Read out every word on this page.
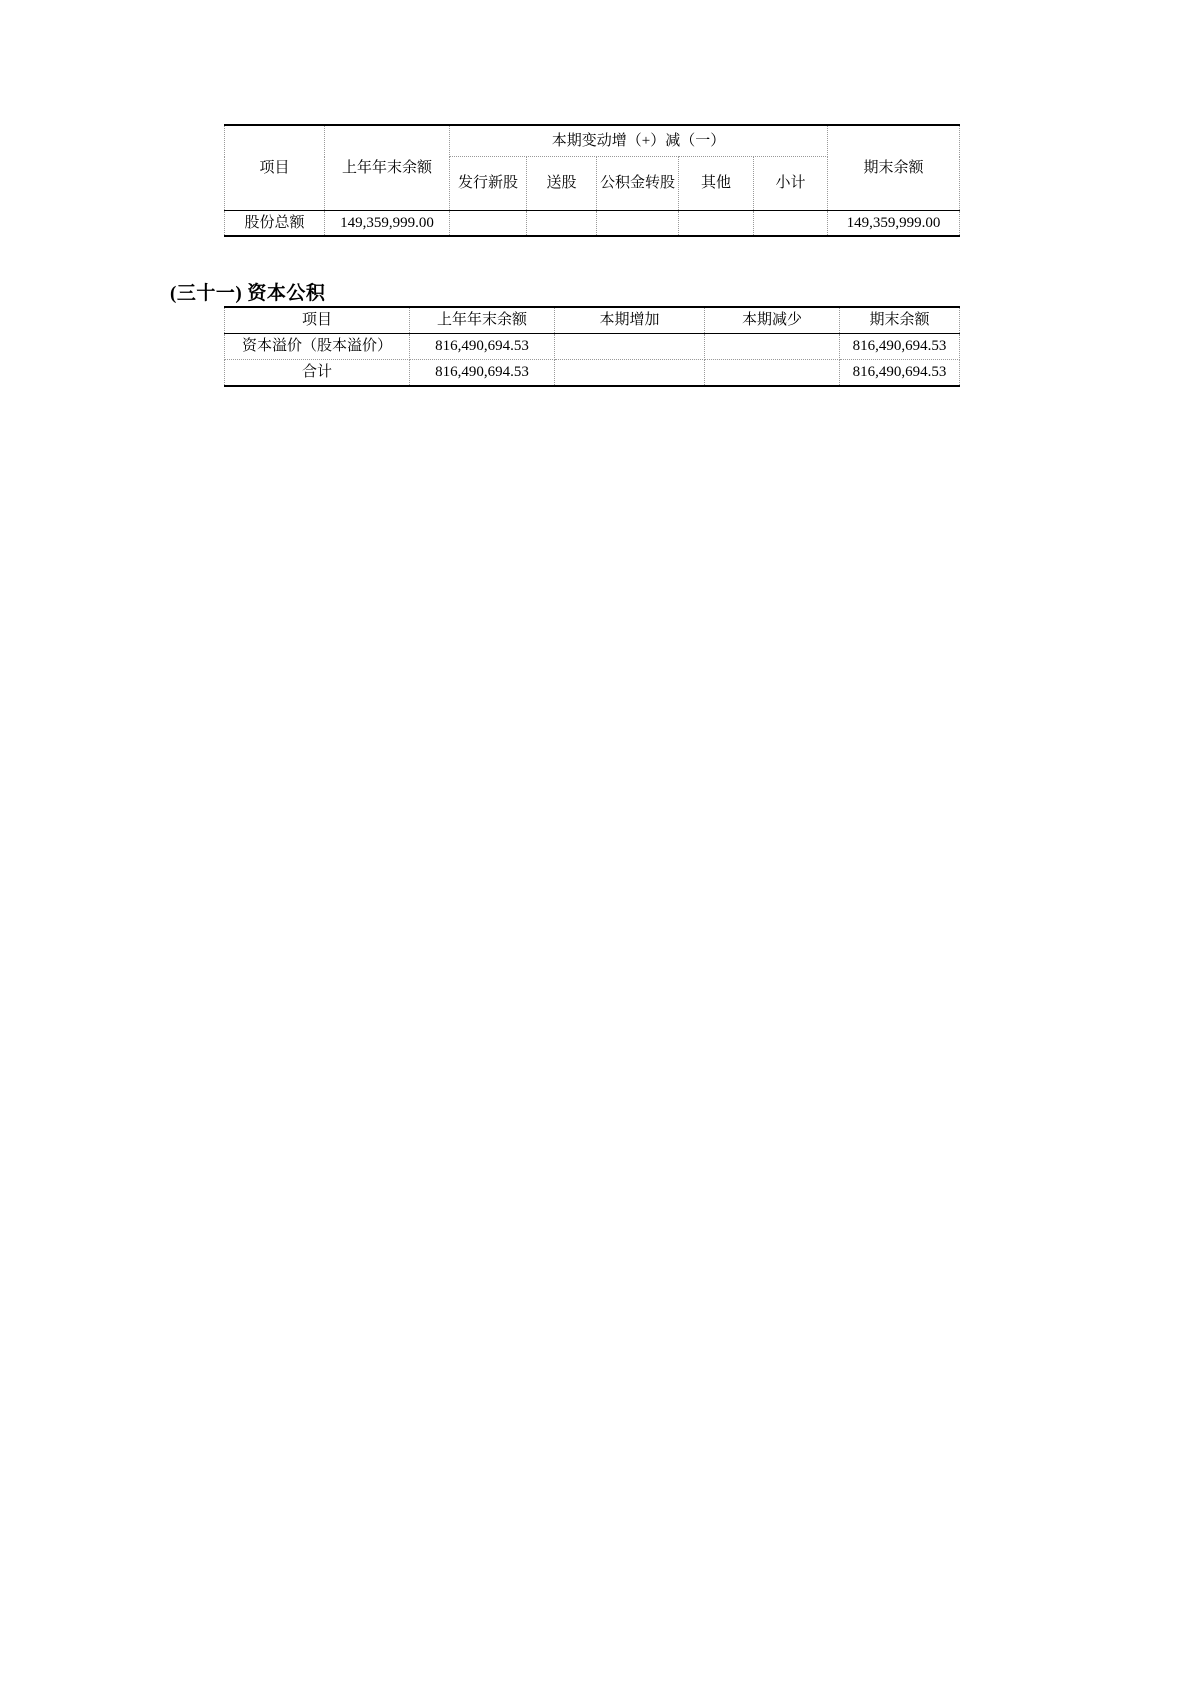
项目	上年年末余额	本期变动增（+）减（一）					期末余额
		发行新股	送股	公积金转股	其他	小计	
股份总额	149,359,999.00						149,359,999.00
(三十一) 资本公积
项目	上年年末余额	本期增加	本期减少	期末余额
资本溢价（股本溢价）	816,490,694.53			816,490,694.53
合计	816,490,694.53			816,490,694.53
